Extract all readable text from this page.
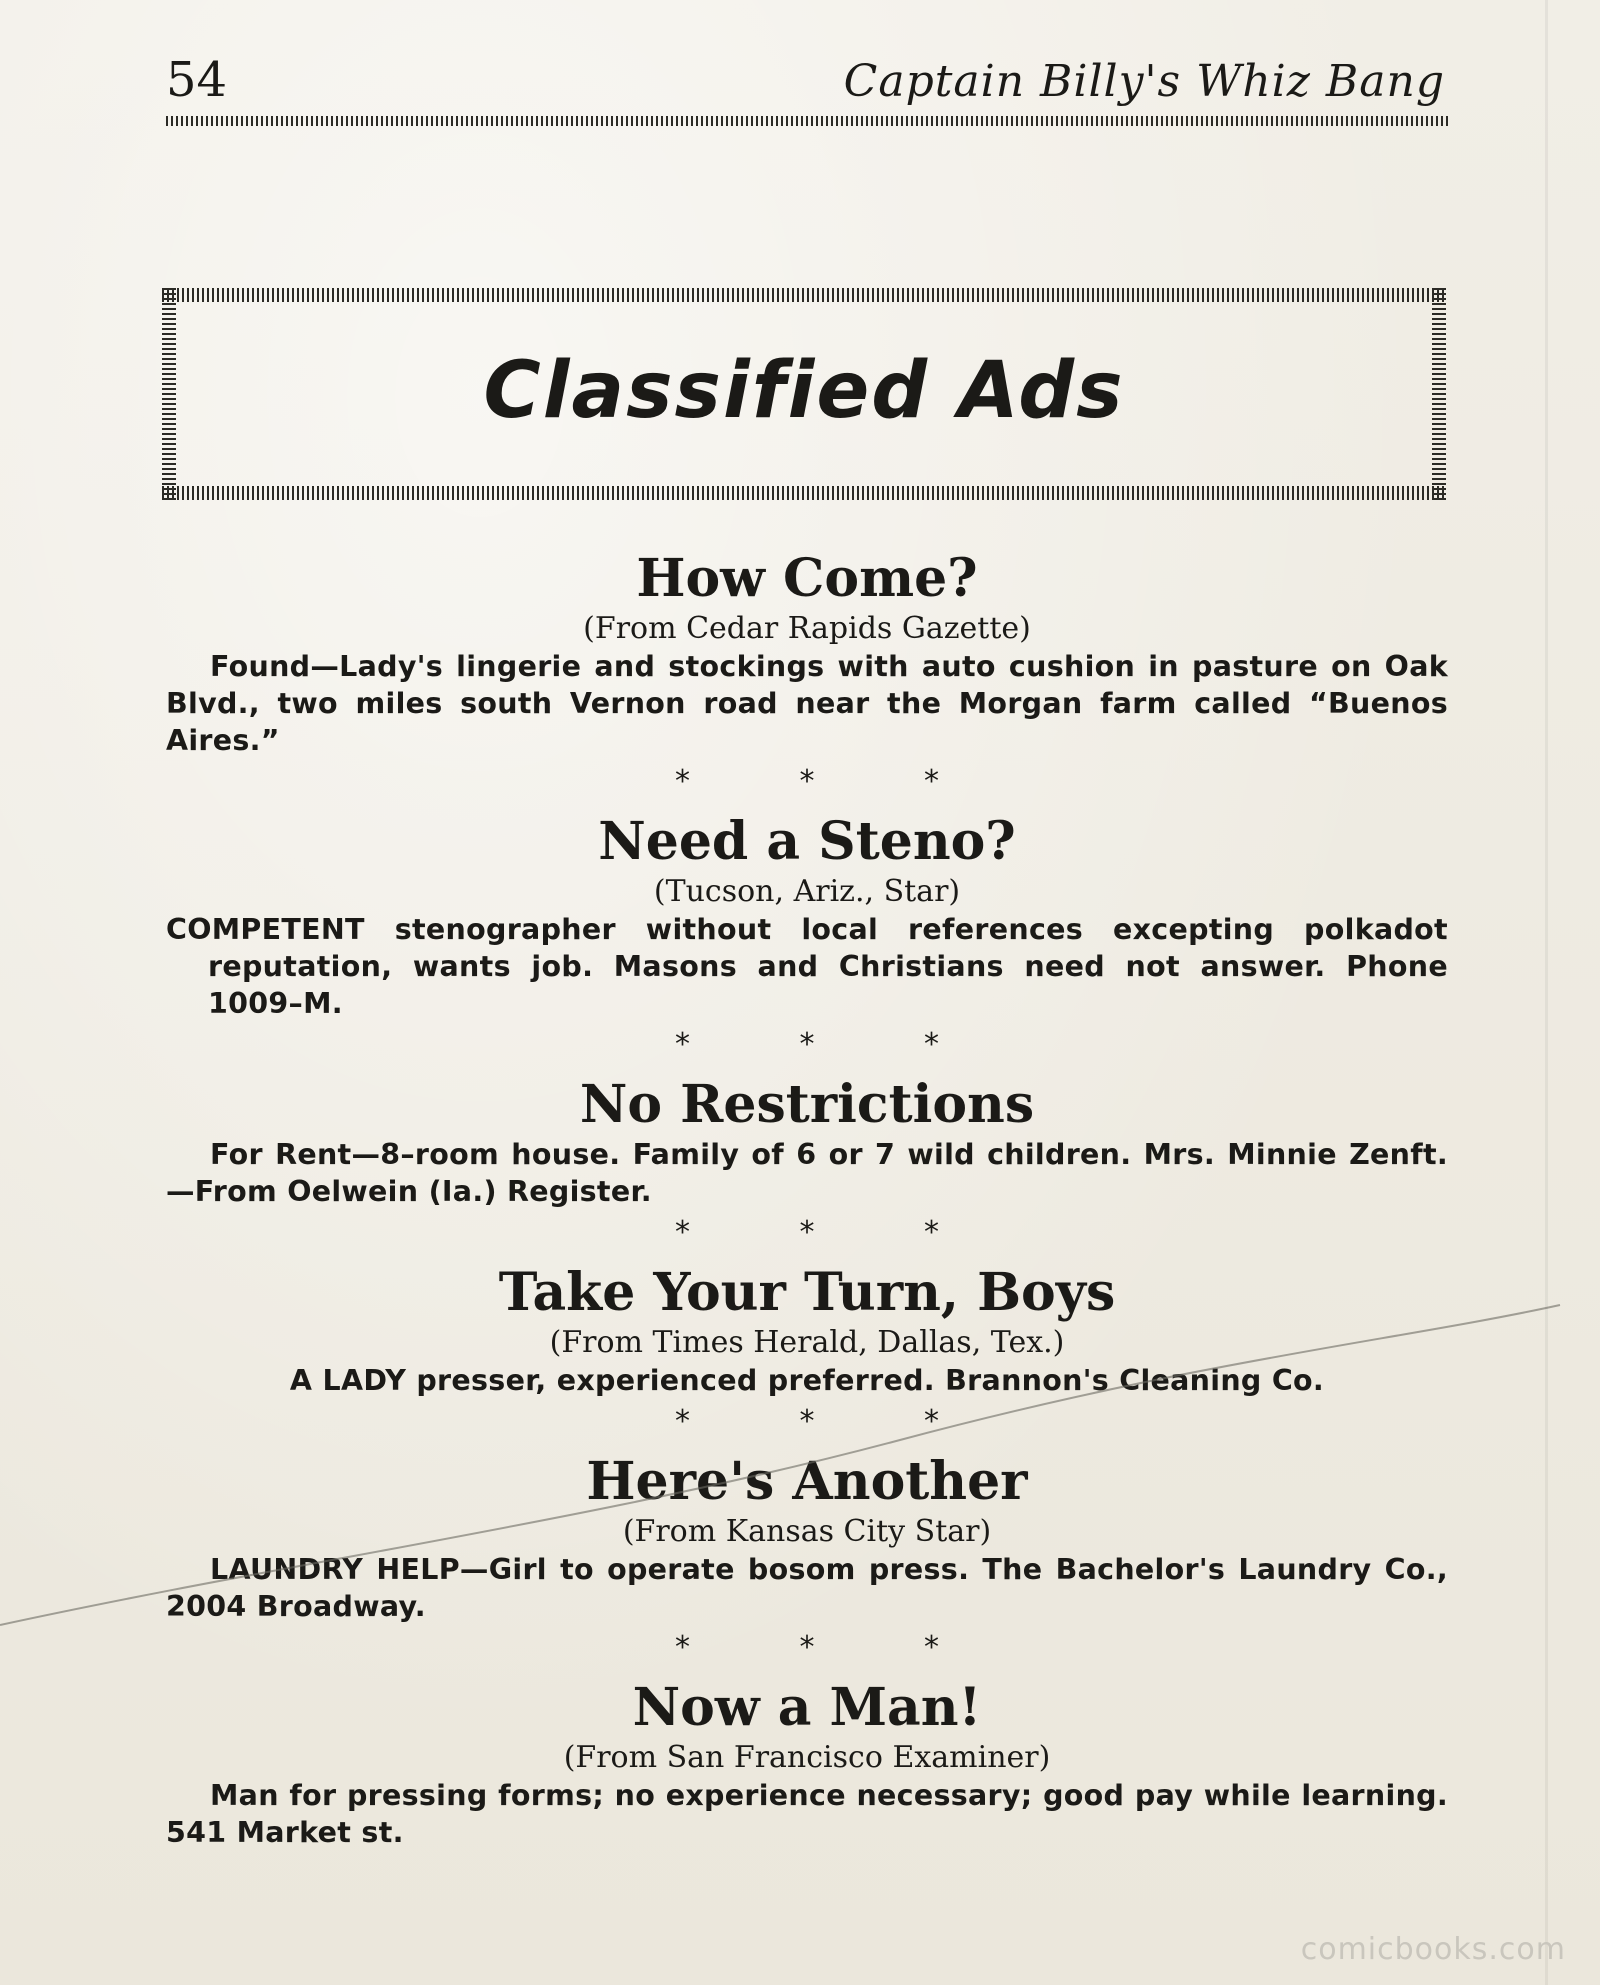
54	Captain Billy's Whiz Bang
Classified Ads

How Come?

(From Cedar Rapids Gazette)

Found—Lady's lingerie and stockings with auto cushion in pasture on Oak Blvd., two miles south Vernon road near the Morgan farm called “Buenos Aires.”

* * *

Need a Steno?

(Tucson, Ariz., Star)

COMPETENT stenographer without local references excepting polkadot reputation, wants job. Masons and Christians need not answer. Phone 1009–M.

* * *

No Restrictions

For Rent—8–room house. Family of 6 or 7 wild children. Mrs. Minnie Zenft.—From Oelwein (Ia.) Register.

* * *

Take Your Turn, Boys

(From Times Herald, Dallas, Tex.)

A LADY presser, experienced preferred. Brannon's Cleaning Co.

* * *

Here's Another

(From Kansas City Star)

LAUNDRY HELP—Girl to operate bosom press. The Bachelor's Laundry Co., 2004 Broadway.

* * *

Now a Man!

(From San Francisco Examiner)

Man for pressing forms; no experience necessary; good pay while learning. 541 Market st.

comicbooks.com
